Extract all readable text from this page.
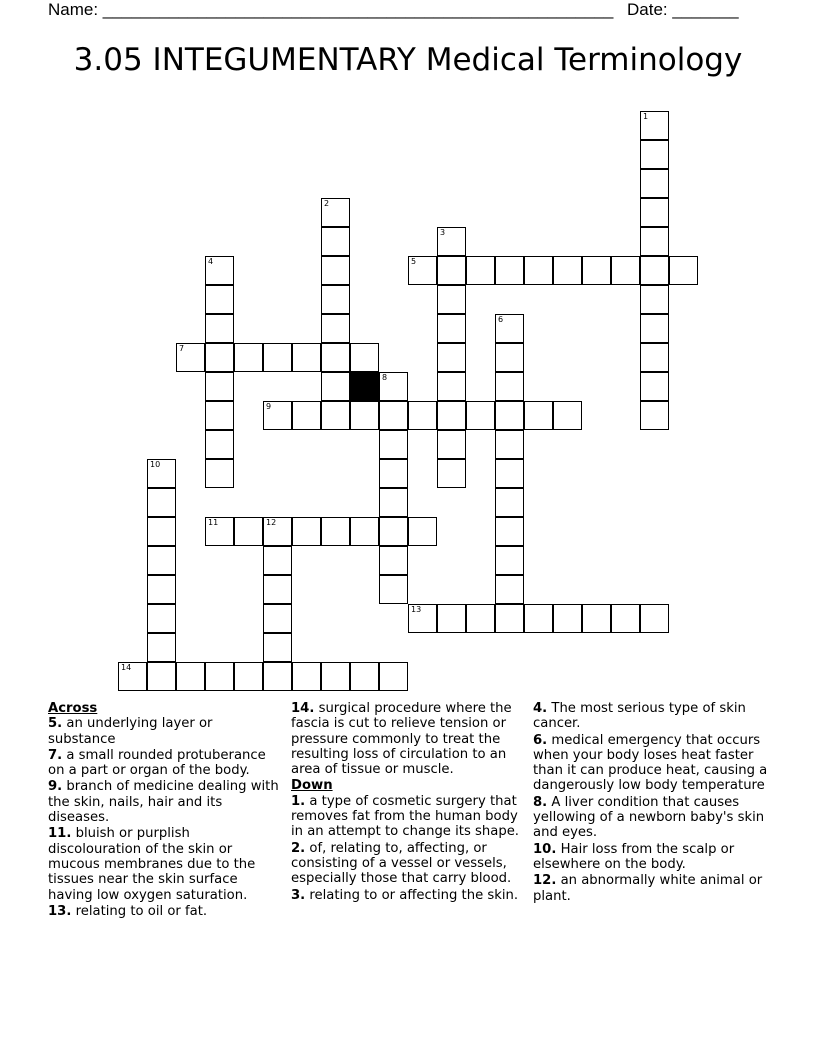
Name: ______________________________________________________ Date: _______
3.05 INTEGUMENTARY Medical Terminology
1
2
3
4	5
6
7
8
9
10
11	12
13
14
Across
5. an underlying layer or substance
7. a small rounded protuberance on a part or organ of the body.
9. branch of medicine dealing with the skin, nails, hair and its diseases.
11. bluish or purplish discolouration of the skin or mucous membranes due to the tissues near the skin surface having low oxygen saturation.
13. relating to oil or fat.
14. surgical procedure where the fascia is cut to relieve tension or pressure commonly to treat the resulting loss of circulation to an area of tissue or muscle.
Down
1. a type of cosmetic surgery that removes fat from the human body in an attempt to change its shape.
2. of, relating to, affecting, or consisting of a vessel or vessels, especially those that carry blood.
3. relating to or affecting the skin.
4. The most serious type of skin cancer.
6. medical emergency that occurs when your body loses heat faster than it can produce heat, causing a dangerously low body temperature
8. A liver condition that causes yellowing of a newborn baby's skin and eyes.
10. Hair loss from the scalp or elsewhere on the body.
12. an abnormally white animal or plant.
